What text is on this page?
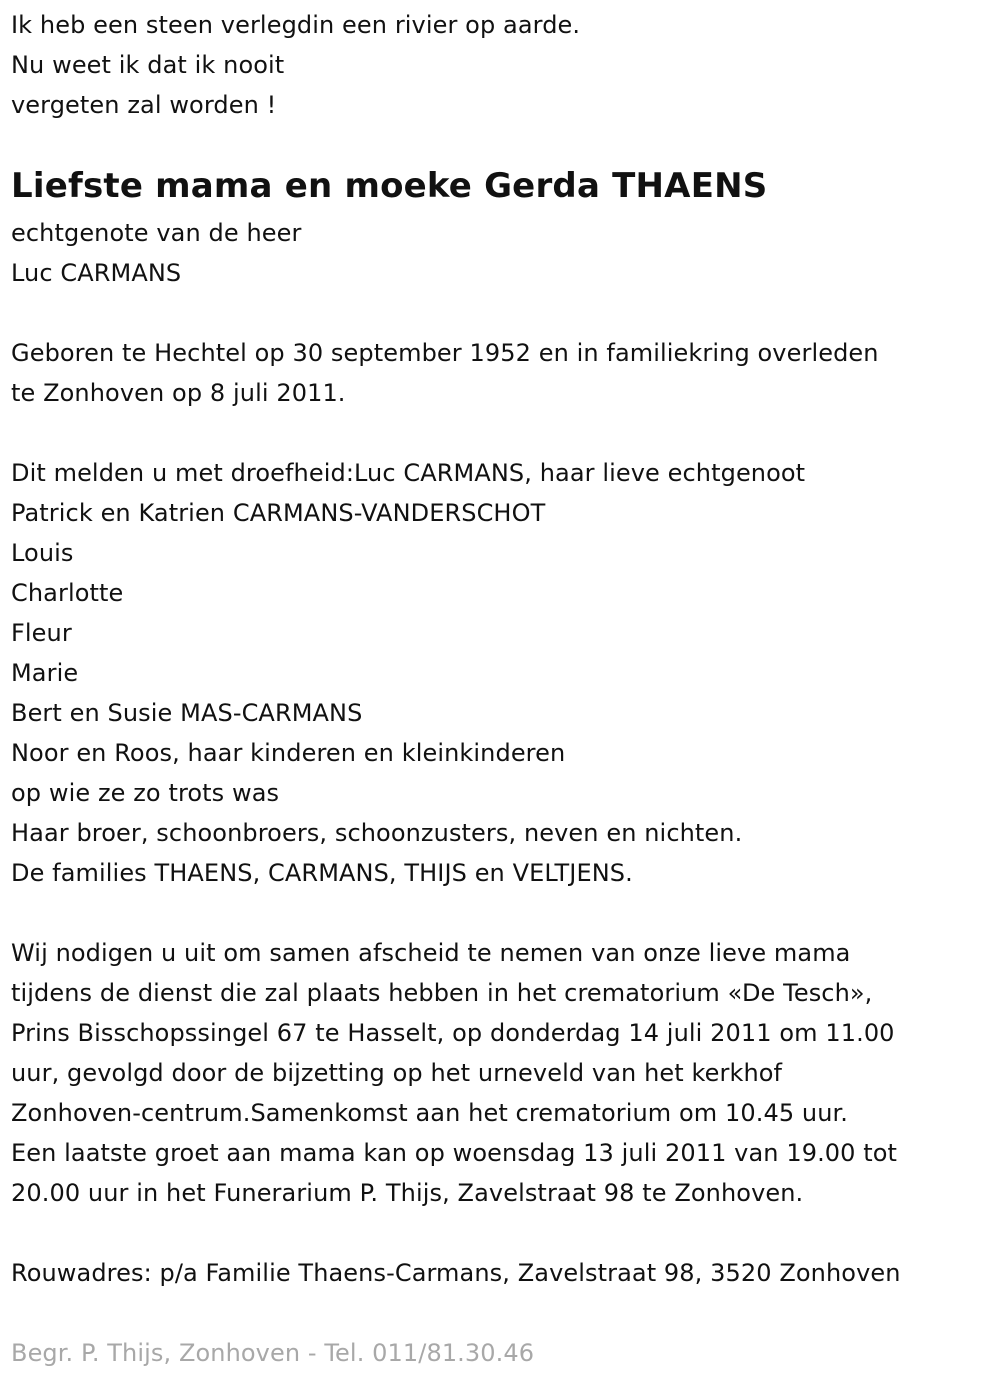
Ik heb een steen verlegdin een rivier op aarde.
Nu weet ik dat ik nooit
vergeten zal worden !
Liefste mama en moeke Gerda THAENS
echtgenote van de heer
Luc CARMANS
Geboren te Hechtel op 30 september 1952 en in familiekring overleden
te Zonhoven op 8 juli 2011.
Dit melden u met droefheid:Luc CARMANS, haar lieve echtgenoot
Patrick en Katrien CARMANS-VANDERSCHOT
Louis
Charlotte
Fleur
Marie
Bert en Susie MAS-CARMANS
Noor en Roos, haar kinderen en kleinkinderen
op wie ze zo trots was
Haar broer, schoonbroers, schoonzusters, neven en nichten.
De families THAENS, CARMANS, THIJS en VELTJENS.
Wij nodigen u uit om samen afscheid te nemen van onze lieve mama
tijdens de dienst die zal plaats hebben in het crematorium «De Tesch»,
Prins Bisschopssingel 67 te Hasselt, op donderdag 14 juli 2011 om 11.00
uur, gevolgd door de bijzetting op het urneveld van het kerkhof
Zonhoven-centrum.Samenkomst aan het crematorium om 10.45 uur.
Een laatste groet aan mama kan op woensdag 13 juli 2011 van 19.00 tot
20.00 uur in het Funerarium P. Thijs, Zavelstraat 98 te Zonhoven.
Rouwadres: p/a Familie Thaens-Carmans, Zavelstraat 98, 3520 Zonhoven
Begr. P. Thijs, Zonhoven - Tel. 011/81.30.46
